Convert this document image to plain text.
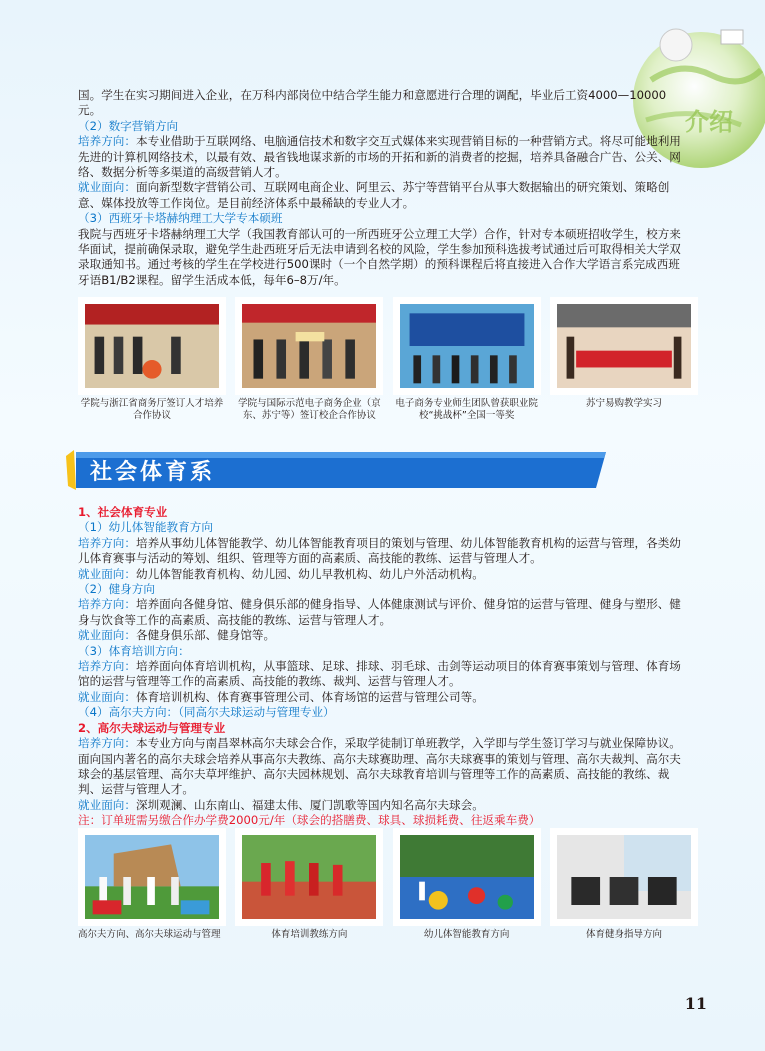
介绍

国。学生在实习期间进入企业，在万科内部岗位中结合学生能力和意愿进行合理的调配，毕业后工资4000—10000元。

（2）数字营销方向

培养方向：本专业借助于互联网络、电脑通信技术和数字交互式媒体来实现营销目标的一种营销方式。将尽可能地利用先进的计算机网络技术，以最有效、最省钱地谋求新的市场的开拓和新的消费者的挖掘，培养具备融合广告、公关、网络、数据分析等多渠道的高级营销人才。

就业面向：面向新型数字营销公司、互联网电商企业、阿里云、苏宁等营销平台从事大数据输出的研究策划、策略创意、媒体投放等工作岗位。是目前经济体系中最稀缺的专业人才。

（3）西班牙卡塔赫纳理工大学专本硕班

我院与西班牙卡塔赫纳理工大学（我国教育部认可的一所西班牙公立理工大学）合作，针对专本硕班招收学生，校方来华面试，提前确保录取，避免学生赴西班牙后无法申请到名校的风险，学生参加预科选拔考试通过后可取得相关大学双录取通知书。通过考核的学生在学校进行500课时（一个自然学期）的预科课程后将直接进入合作大学语言系完成西班牙语B1/B2课程。留学生活成本低，每年6–8万/年。

学院与浙江省商务厅签订人才培养合作协议
学院与国际示范电子商务企业（京东、苏宁等）签订校企合作协议
电子商务专业师生团队曾获职业院校“挑战杯”全国一等奖
苏宁易购教学实习
社会体育系

1、社会体育专业

（1）幼儿体智能教育方向

培养方向：培养从事幼儿体智能教学、幼儿体智能教育项目的策划与管理、幼儿体智能教育机构的运营与管理，各类幼儿体育赛事与活动的筹划、组织、管理等方面的高素质、高技能的教练、运营与管理人才。

就业面向：幼儿体智能教育机构、幼儿园、幼儿早教机构、幼儿户外活动机构。

（2）健身方向

培养方向：培养面向各健身馆、健身俱乐部的健身指导、人体健康测试与评价、健身馆的运营与管理、健身与塑形、健身与饮食等工作的高素质、高技能的教练、运营与管理人才。

就业面向：各健身俱乐部、健身馆等。

（3）体育培训方向：

培养方向：培养面向体育培训机构，从事篮球、足球、排球、羽毛球、击剑等运动项目的体育赛事策划与管理、体育场馆的运营与管理等工作的高素质、高技能的教练、裁判、运营与管理人才。

就业面向：体育培训机构、体育赛事管理公司、体育场馆的运营与管理公司等。

（4）高尔夫方向：（同高尔夫球运动与管理专业）

2、高尔夫球运动与管理专业

培养方向：本专业方向与南昌翠林高尔夫球会合作，采取学徒制订单班教学，入学即与学生签订学习与就业保障协议。面向国内著名的高尔夫球会培养从事高尔夫教练、高尔夫球赛助理、高尔夫球赛事的策划与管理、高尔夫裁判、高尔夫球会的基层管理、高尔夫草坪维护、高尔夫园林规划、高尔夫球教育培训与管理等工作的高素质、高技能的教练、裁判、运营与管理人才。

就业面向：深圳观澜、山东南山、福建太伟、厦门凯歌等国内知名高尔夫球会。

注：订单班需另缴合作办学费2000元/年（球会的搭膳费、球具、球损耗费、往返乘车费）

高尔夫方向、高尔夫球运动与管理	体育培训教练方向	幼儿体智能教育方向	体育健身指导方向
11
